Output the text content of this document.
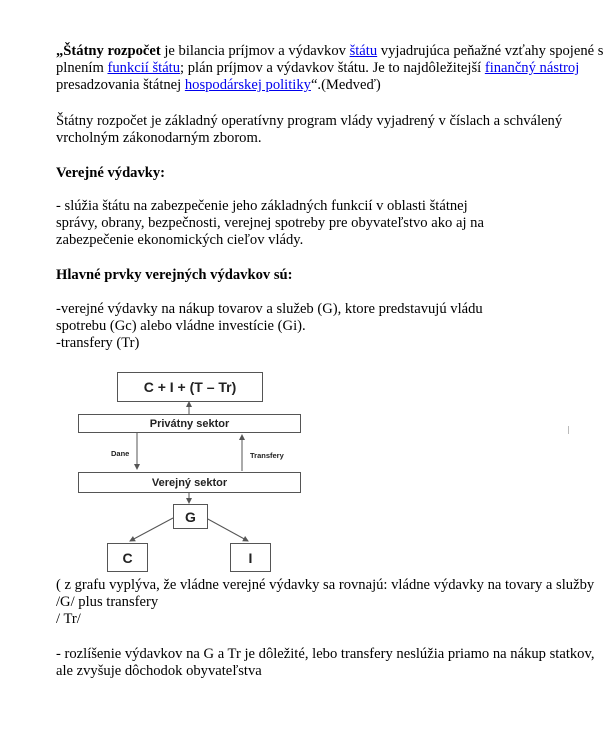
„Štátny rozpočet je bilancia príjmov a výdavkov štátu vyjadrujúca peňažné vzťahy spojené s
plnením funkcií štátu; plán príjmov a výdavkov štátu. Je to najdôležitejší finančný nástroj
presadzovania štátnej hospodárskej politiky“.(Medveď)
Štátny rozpočet je základný operatívny program vlády vyjadrený v číslach a schválený
vrcholným zákonodarným zborom.
Verejné výdavky:
- slúžia štátu na zabezpečenie jeho základných funkcií v oblasti štátnej
správy, obrany, bezpečnosti, verejnej spotreby pre obyvateľstvo ako aj na
zabezpečenie ekonomických cieľov vlády.
Hlavné prvky verejných výdavkov sú:
-verejné výdavky na nákup tovarov a služeb (G), ktore predstavujú vládu
spotrebu (Gc) alebo vládne investície (Gi).
-transfery (Tr)
C + I + (T – Tr)
Privátny sektor
Dane	Transfery
Verejný sektor
G
C	I
( z grafu vyplýva, že vládne verejné výdavky sa rovnajú: vládne výdavky na tovary a služby
/G/ plus transfery
/ Tr/
- rozlíšenie výdavkov na G a Tr je dôležité, lebo transfery neslúžia priamo na nákup statkov,
ale zvyšuje dôchodok obyvateľstva
